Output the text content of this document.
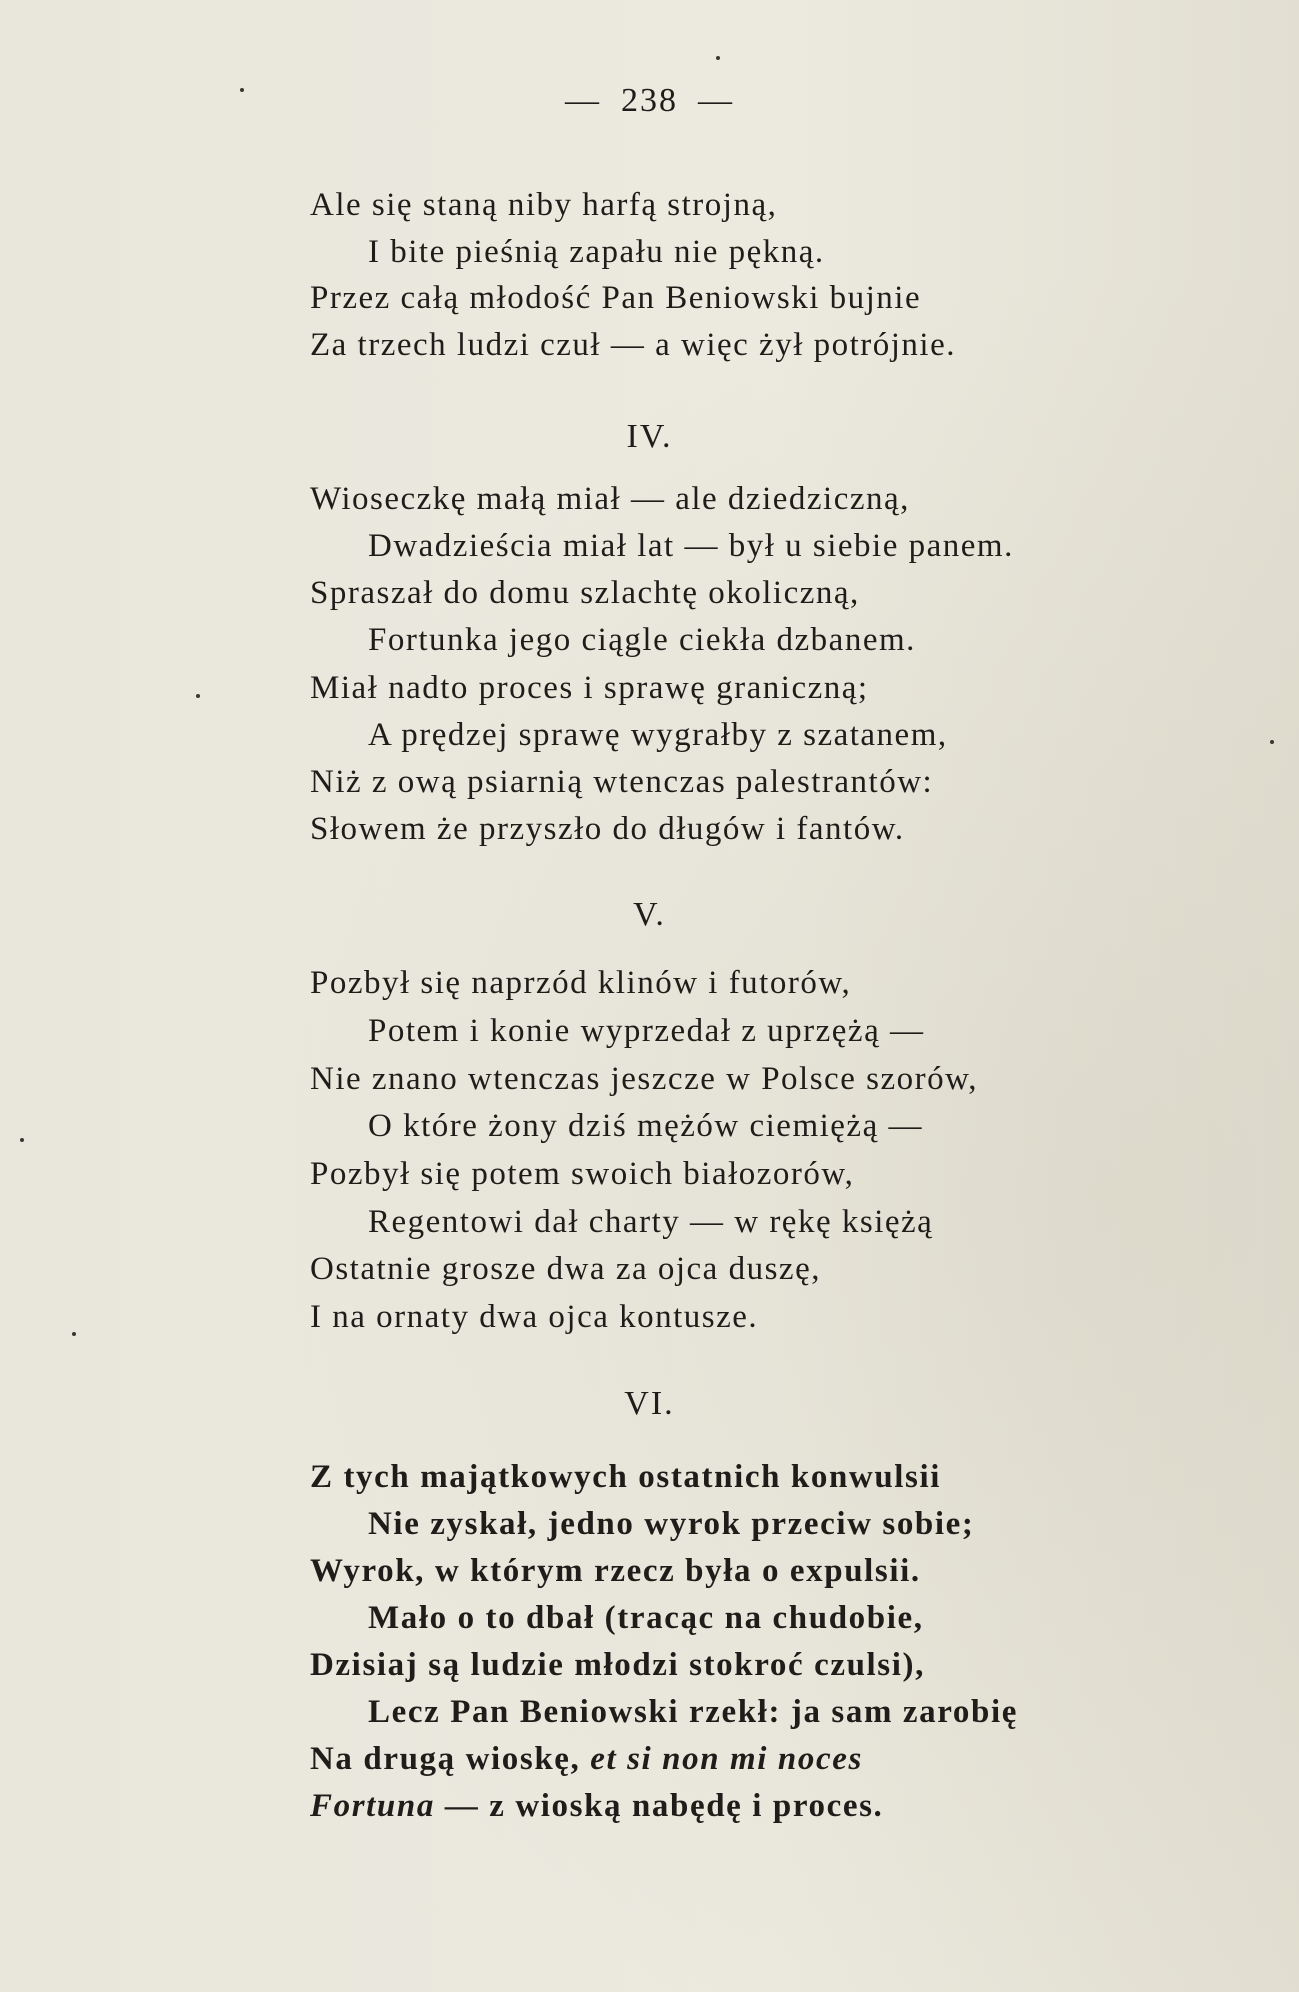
— 238 —
Ale się staną niby harfą strojną,
I bite pieśnią zapału nie pękną.
Przez całą młodość Pan Beniowski bujnie
Za trzech ludzi czuł — a więc żył potrójnie.
IV.
Wioseczkę małą miał — ale dziedziczną,
Dwadzieścia miał lat — był u siebie panem.
Spraszał do domu szlachtę okoliczną,
Fortunka jego ciągle ciekła dzbanem.
Miał nadto proces i sprawę graniczną;
A prędzej sprawę wygrałby z szatanem,
Niż z ową psiarnią wtenczas palestrantów:
Słowem że przyszło do długów i fantów.
V.
Pozbył się naprzód klinów i futorów,
Potem i konie wyprzedał z uprzężą —
Nie znano wtenczas jeszcze w Polsce szorów,
O które żony dziś mężów ciemiężą —
Pozbył się potem swoich białozorów,
Regentowi dał charty — w rękę księżą
Ostatnie grosze dwa za ojca duszę,
I na ornaty dwa ojca kontusze.
VI.
Z tych majątkowych ostatnich konwulsii
Nie zyskał, jedno wyrok przeciw sobie;
Wyrok, w którym rzecz była o expulsii.
Mało o to dbał (tracąc na chudobie,
Dzisiaj są ludzie młodzi stokroć czulsi),
Lecz Pan Beniowski rzekł: ja sam zarobię
Na drugą wioskę, et si non mi noces
Fortuna — z wioską nabędę i proces.
